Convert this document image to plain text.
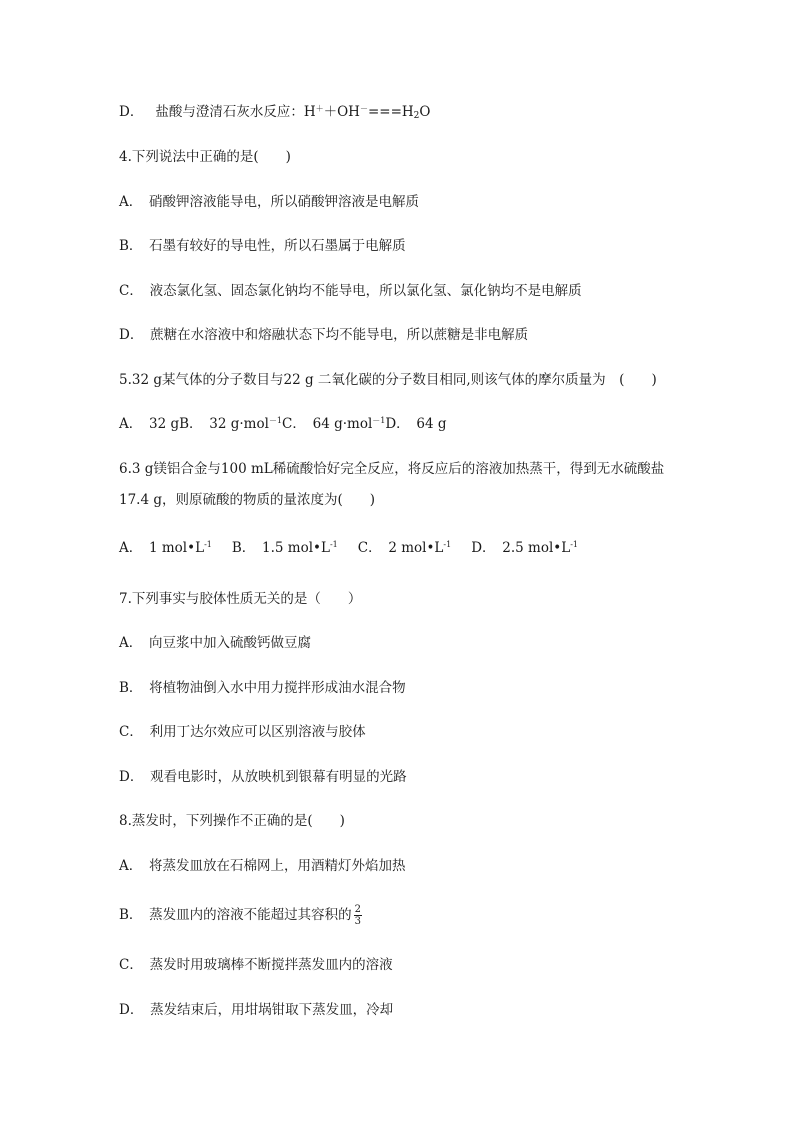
D． 盐酸与澄清石灰水反应：$H^++OH^-===H_2O$
4.下列说法中正确的是(　　)
A．　硝酸钾溶液能导电，所以硝酸钾溶液是电解质
B．　石墨有较好的导电性，所以石墨属于电解质
C．　液态氯化氢、固态氯化钠均不能导电，所以氯化氢、氯化钠均不是电解质
D．　蔗糖在水溶液中和熔融状态下均不能导电，所以蔗糖是非电解质
5.32 g某气体的分子数目与22 g 二氧化碳的分子数目相同,则该气体的摩尔质量为　(　　)
A．　32 gB．　32 g·mol$^{-1}$C．　64 g·mol$^{-1}$D．　64 g
6.3 g镁铝合金与100 mL稀硫酸恰好完全反应，将反应后的溶液加热蒸干，得到无水硫酸盐
17.4 g，则原硫酸的物质的量浓度为(　　)
A．　1 $mol•L^{-1}$ B．　1.5 $mol•L^{-1}$ C．　2 $mol•L^{-1}$ D．　2.5 $mol•L^{-1}$
7.下列事实与胶体性质无关的是（　　）
A．　向豆浆中加入硫酸钙做豆腐
B．　将植物油倒入水中用力搅拌形成油水混合物
C．　利用丁达尔效应可以区别溶液与胶体
D．　观看电影时，从放映机到银幕有明显的光路
8.蒸发时，下列操作不正确的是(　　)
A．　将蒸发皿放在石棉网上，用酒精灯外焰加热
B．　蒸发皿内的溶液不能超过其容积的 $\frac{2}{3}$
C．　蒸发时用玻璃棒不断搅拌蒸发皿内的溶液
D．　蒸发结束后，用坩埚钳取下蒸发皿，冷却
